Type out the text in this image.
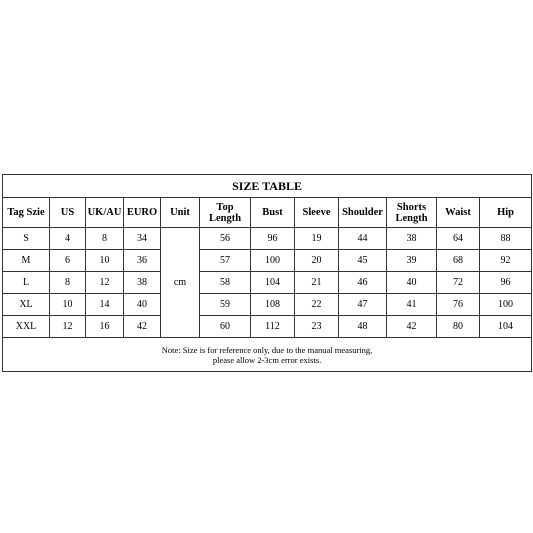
SIZE TABLE											
Tag Szie	US	UK/AU	EURO	Unit	Top Length	Bust	Sleeve	Shoulder	Shorts Length	Waist	Hip
S	4	8	34	cm	56	96	19	44	38	64	88
M	6	10	36		57	100	20	45	39	68	92
L	8	12	38		58	104	21	46	40	72	96
XL	10	14	40		59	108	22	47	41	76	100
XXL	12	16	42		60	112	23	48	42	80	104

Note: Size is for reference only, due to the manual measuring,
please allow 2-3cm error exists.											
